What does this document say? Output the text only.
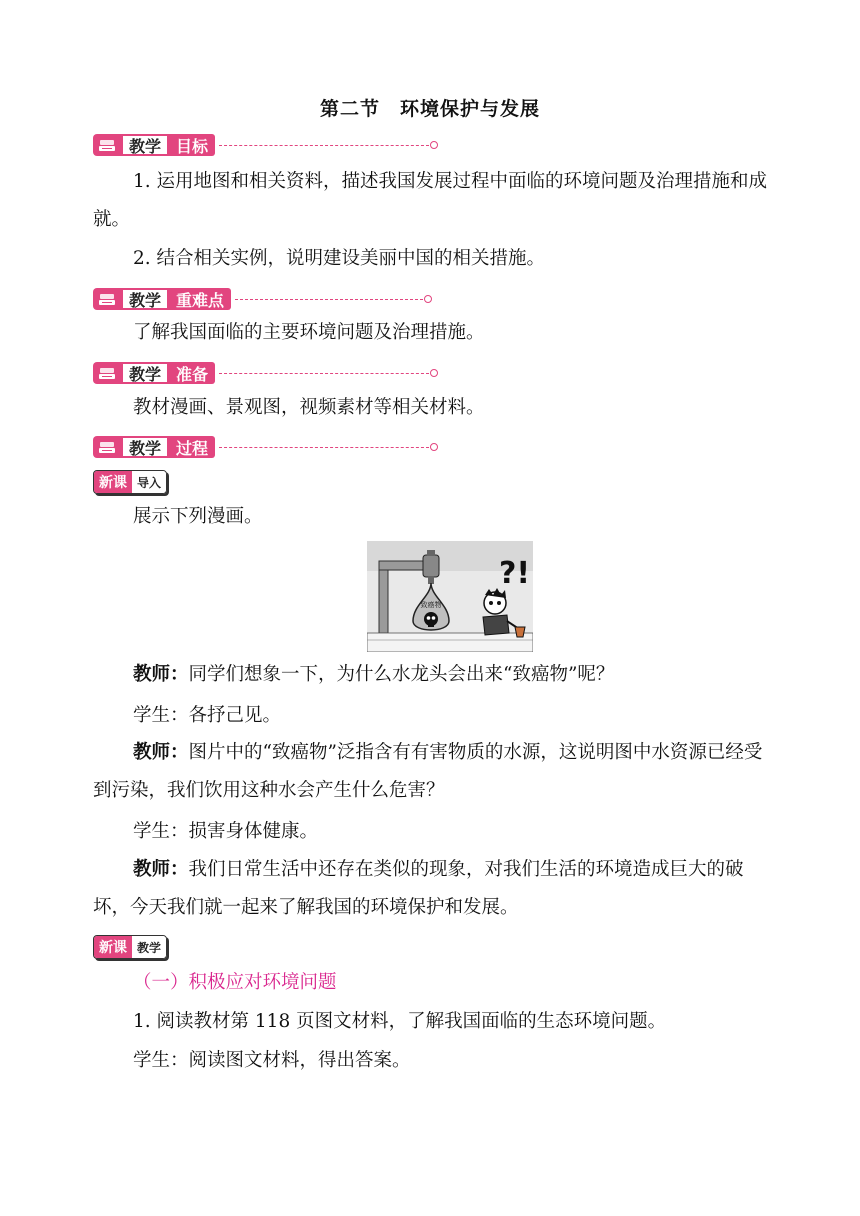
第二节　环境保护与发展
教学 目标

1. 运用地图和相关资料，描述我国发展过程中面临的环境问题及治理措施和成就。

2. 结合相关实例，说明建设美丽中国的相关措施。

教学 重难点

了解我国面临的主要环境问题及治理措施。

教学 准备

教材漫画、景观图，视频素材等相关材料。

教学 过程
新课 导入

展示下列漫画。

致癌物
?!

教师：同学们想象一下，为什么水龙头会出来“致癌物”呢？

学生：各抒己见。

教师：图片中的“致癌物”泛指含有有害物质的水源，这说明图中水资源已经受到污染，我们饮用这种水会产生什么危害？

学生：损害身体健康。

教师：我们日常生活中还存在类似的现象，对我们生活的环境造成巨大的破坏，今天我们就一起来了解我国的环境保护和发展。

新课 教学
（一）积极应对环境问题

1. 阅读教材第 118 页图文材料，了解我国面临的生态环境问题。

学生：阅读图文材料，得出答案。
